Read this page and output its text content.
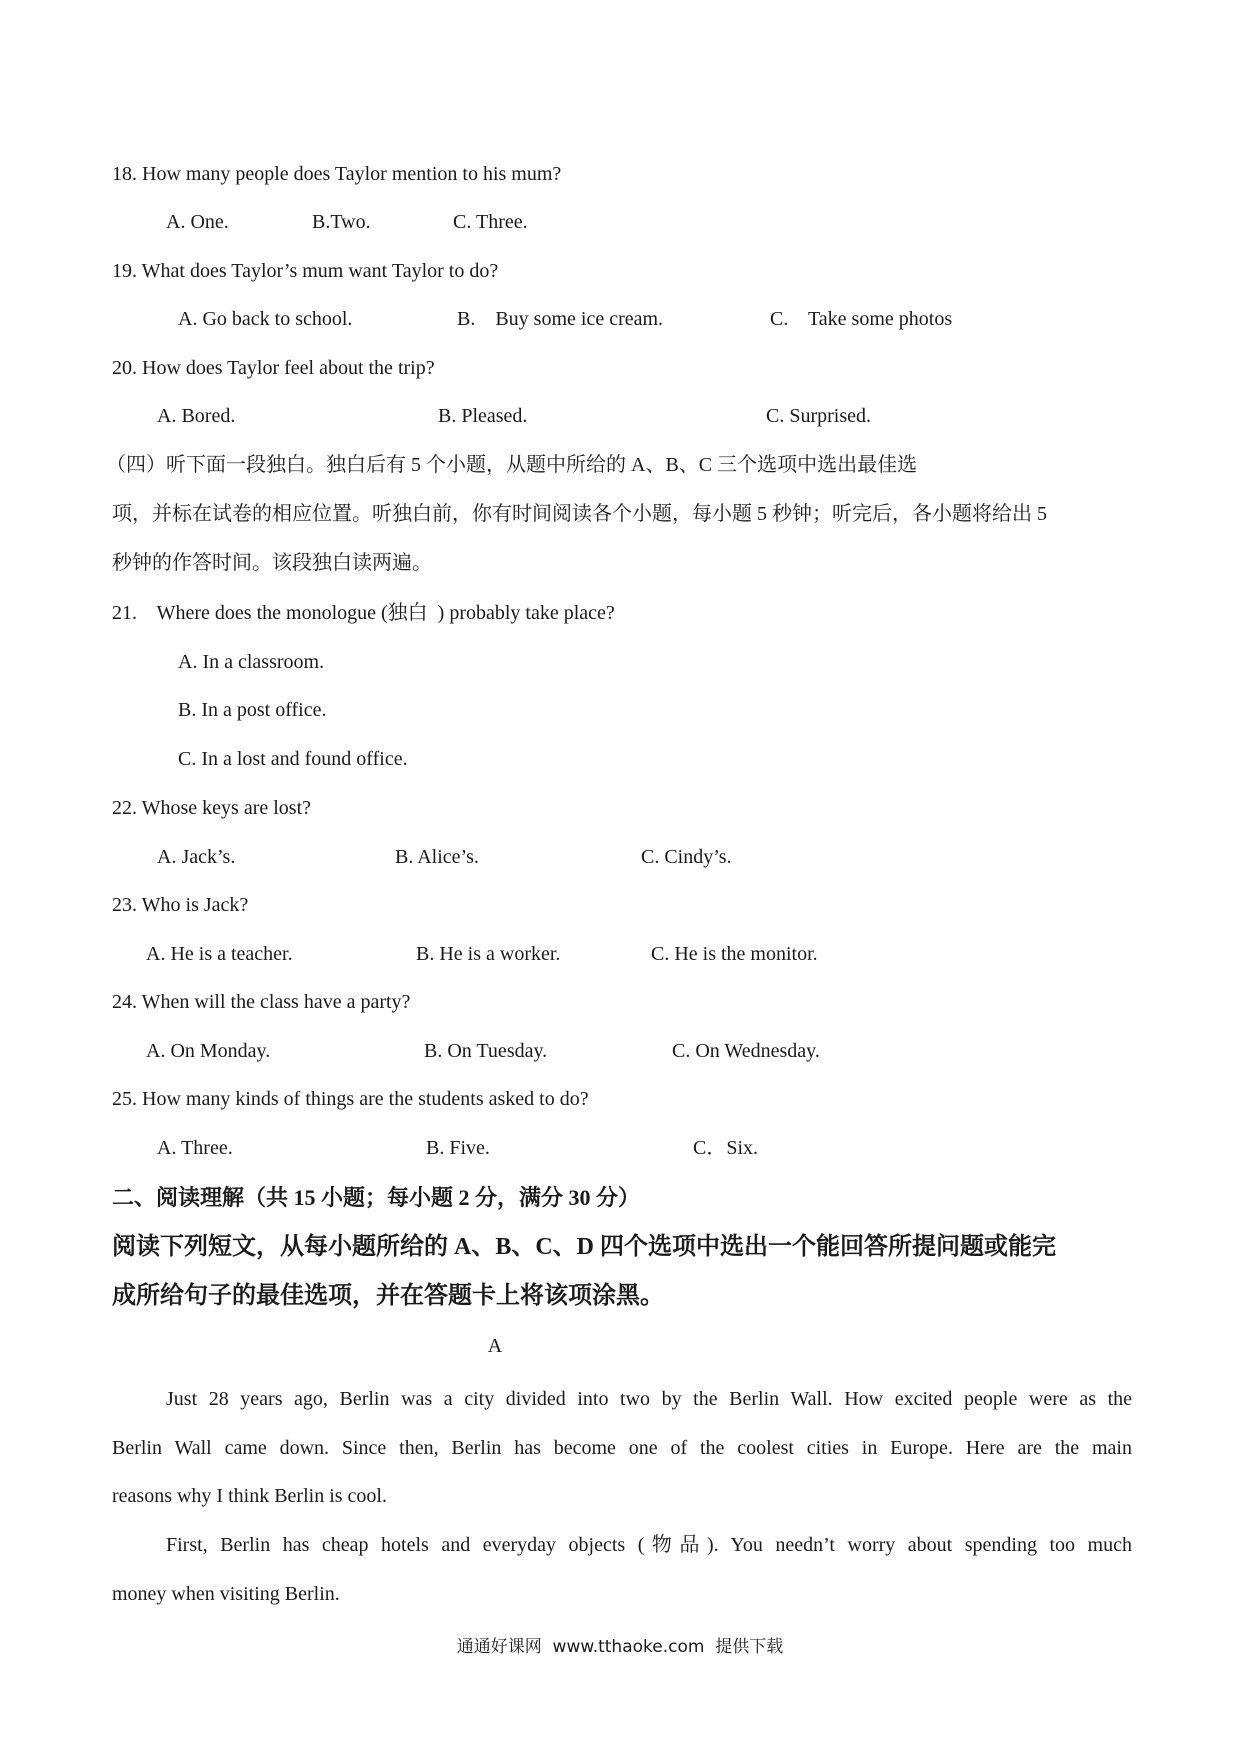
18. How many people does Taylor mention to his mum?
A. One.	B.Two.	C. Three.
19. What does Taylor’s mum want Taylor to do?
A. Go back to school.	B.    Buy some ice cream.	C.    Take some photos
20. How does Taylor feel about the trip?
A. Bored.	B. Pleased.	C. Surprised.
（四）听下面一段独白。独白后有 5 个小题，从题中所给的 A、B、C 三个选项中选出最佳选
项，并标在试卷的相应位置。听独白前，你有时间阅读各个小题，每小题 5 秒钟；听完后，各小题将给出 5
秒钟的作答时间。该段独白读两遍。
21.    Where does the monologue (独白  ) probably take place?
A. In a classroom.
B. In a post office.
C. In a lost and found office.
22. Whose keys are lost?
A. Jack’s.	B. Alice’s.	C. Cindy’s.
23. Who is Jack?
A. He is a teacher.	B. He is a worker.	C. He is the monitor.
24. When will the class have a party?
A. On Monday.	B. On Tuesday.	C. On Wednesday.
25. How many kinds of things are the students asked to do?
A. Three.	B. Five.	C．Six.
二、阅读理解（共 15 小题；每小题 2 分，满分 30 分）
阅读下列短文，从每小题所给的 A、B、C、D 四个选项中选出一个能回答所提问题或能完
成所给句子的最佳选项，并在答题卡上将该项涂黑。
A
Just 28 years ago, Berlin was a city divided into two by the Berlin Wall. How excited people were as the
Berlin Wall came down. Since then, Berlin has become one of the coolest cities in Europe. Here are the main
reasons why I think Berlin is cool.
First, Berlin has cheap hotels and everyday objects (物品). You needn’t worry about spending too much
money when visiting Berlin.
通通好课网  www.tthaoke.com  提供下载
